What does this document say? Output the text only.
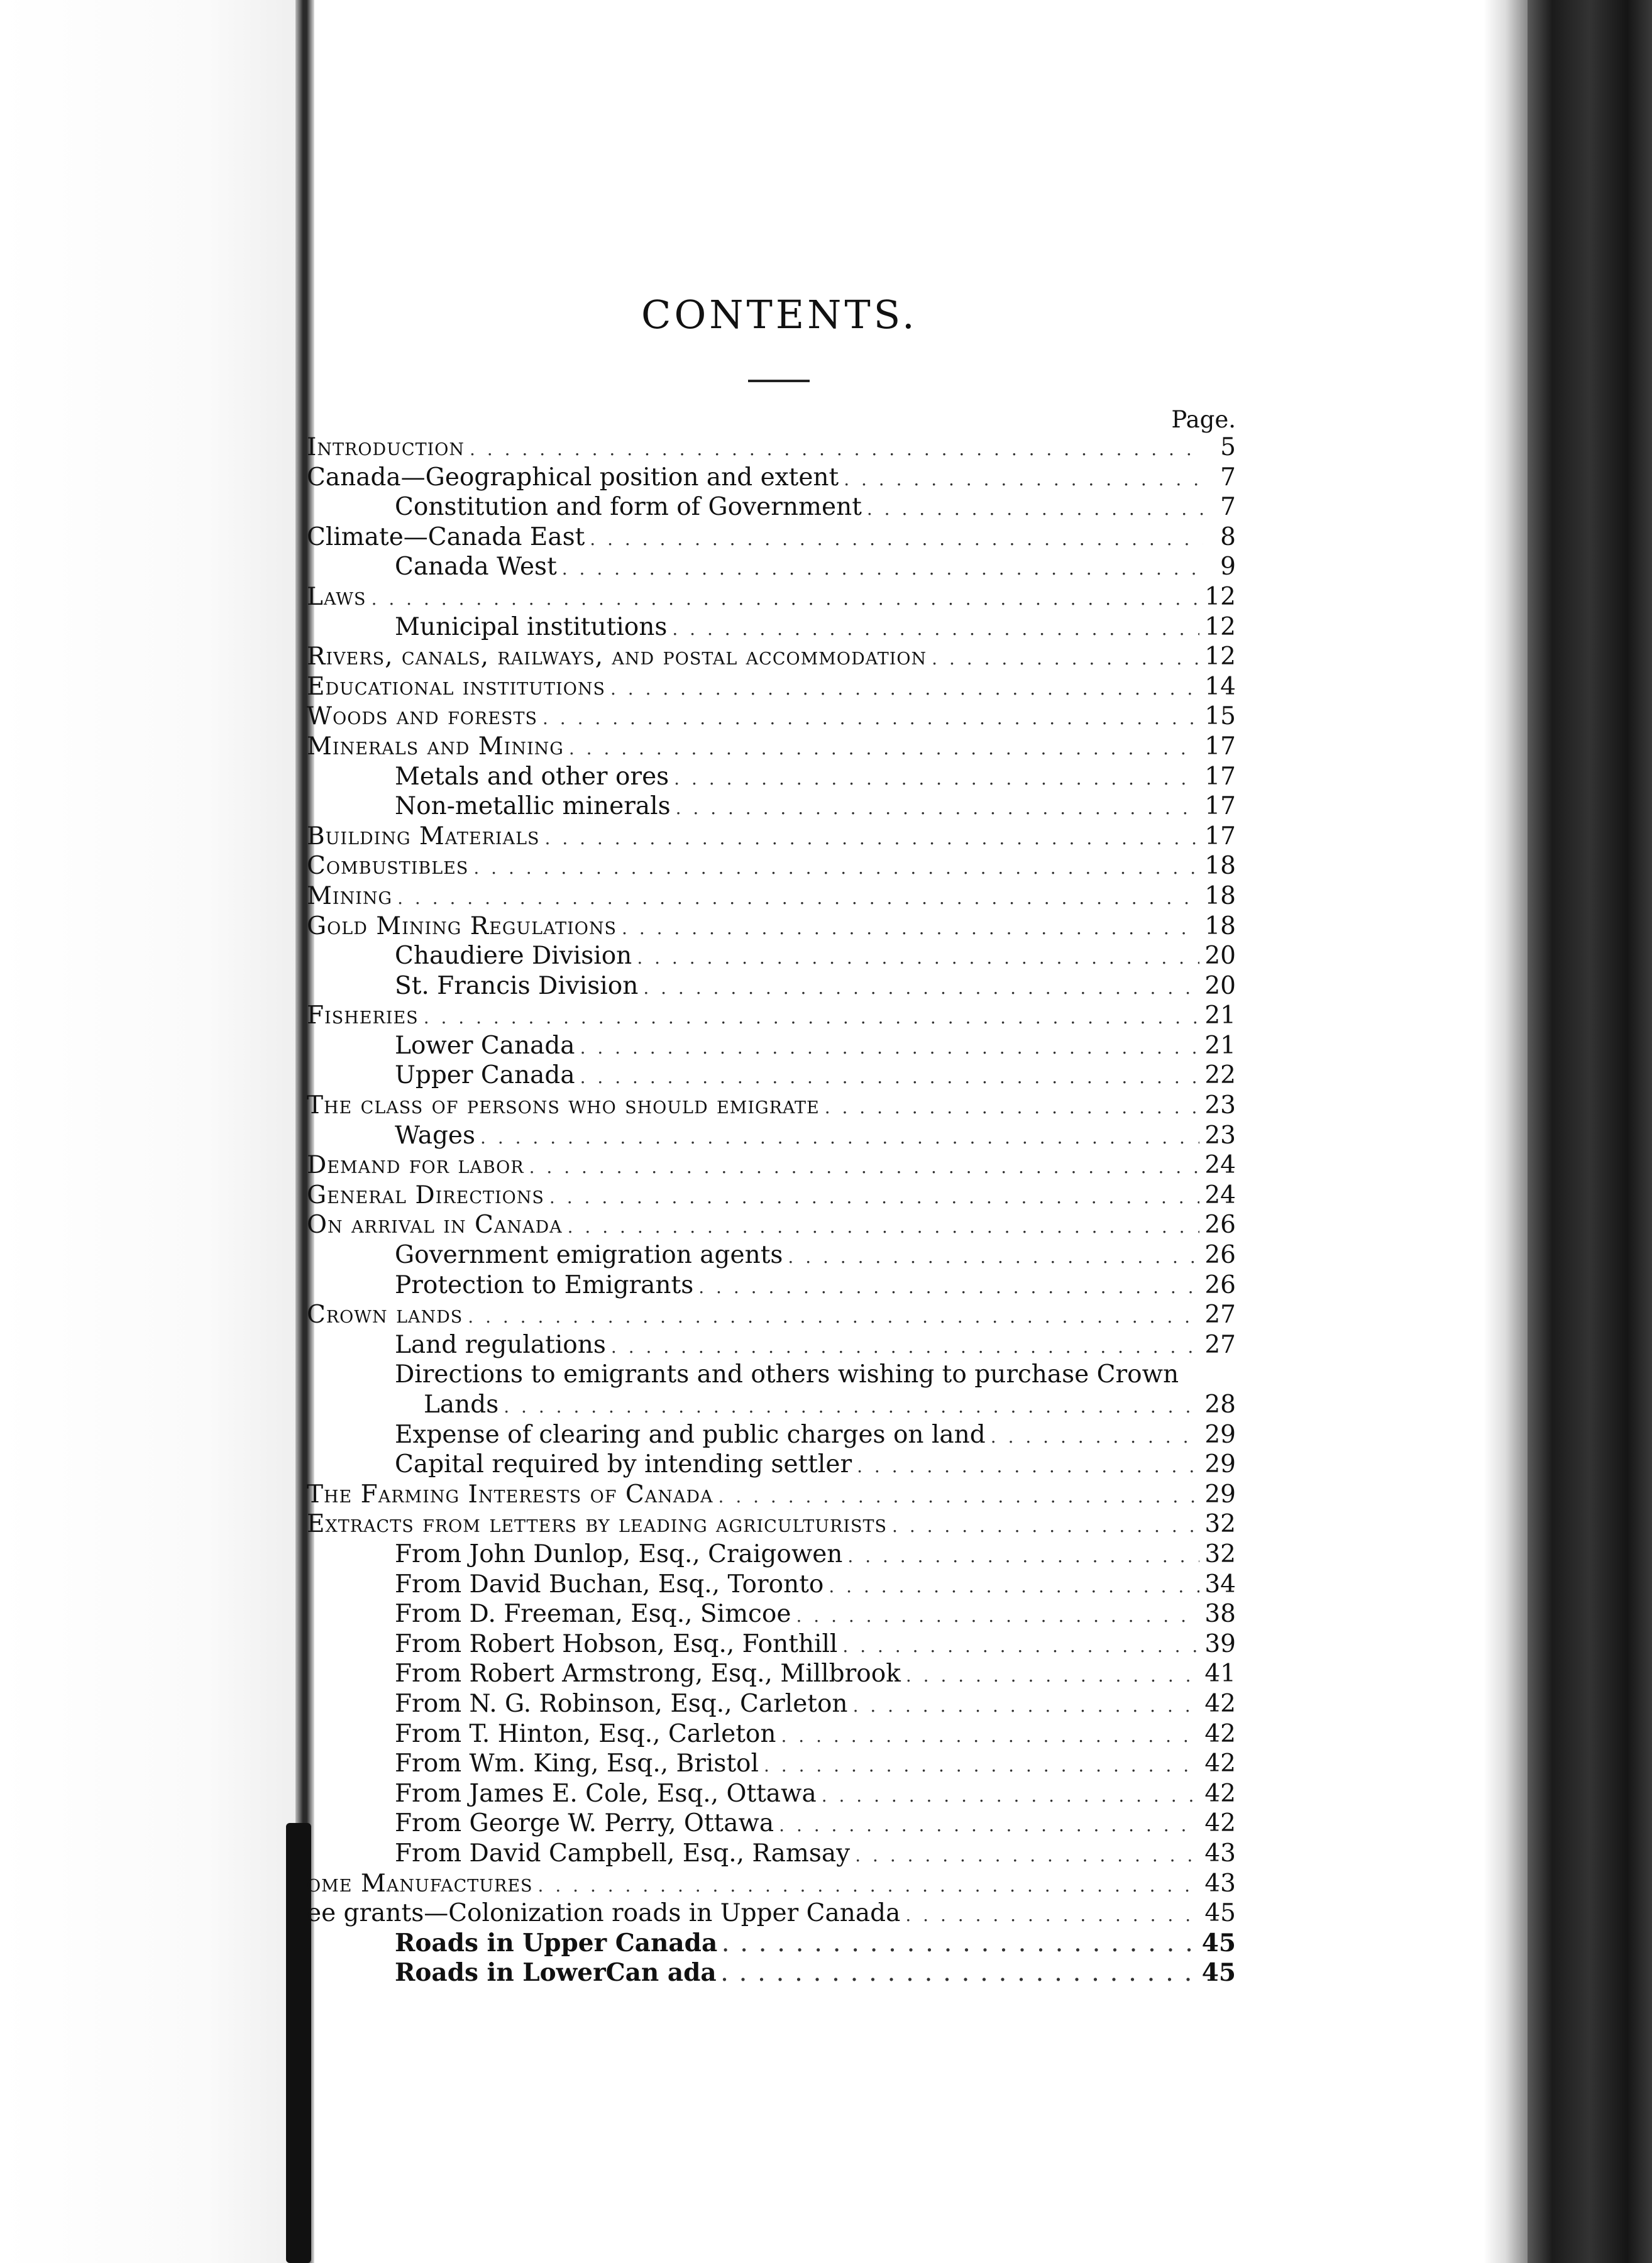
CONTENTS.
Page.
Introduction . . .	5
Canada—Geographical position and extent . . .	7
Constitution and form of Government . . .	7
Climate—Canada East . . .	8
Canada West . . .	9
Laws . . .	12
Municipal institutions . . .	12
Rivers, canals, railways, and postal accommodation . . .	12
Educational institutions . . .	14
Woods and forests . . .	15
Minerals and Mining . . .	17
Metals and other ores . . .	17
Non-metallic minerals . . .	17
Building Materials . . .	17
Combustibles . . .	18
Mining . . .	18
Gold Mining Regulations . . .	18
Chaudiere Division . . .	20
St. Francis Division . . .	20
Fisheries . . .	21
Lower Canada . . .	21
Upper Canada . . .	22
The class of persons who should emigrate . . .	23
Wages . . .	23
Demand for labor . . .	24
General Directions . . .	24
On arrival in Canada . . .	26
Government emigration agents . . .	26
Protection to Emigrants . . .	26
Crown lands . . .	27
Land regulations . . .	27
Directions to emigrants and others wishing to purchase Crown
Lands . . .	28
Expense of clearing and public charges on land . . .	29
Capital required by intending settler . . .	29
The Farming Interests of Canada . . .	29
Extracts from letters by leading agriculturists . . .	32
From John Dunlop, Esq., Craigowen . . .	32
From David Buchan, Esq., Toronto . . .	34
From D. Freeman, Esq., Simcoe . . .	38
From Robert Hobson, Esq., Fonthill . . .	39
From Robert Armstrong, Esq., Millbrook . . .	41
From N. G. Robinson, Esq., Carleton . . .	42
From T. Hinton, Esq., Carleton . . .	42
From Wm. King, Esq., Bristol . . .	42
From James E. Cole, Esq., Ottawa . . .	42
From George W. Perry, Ottawa . . .	42
From David Campbell, Esq., Ramsay . . .	43
ome Manufactures . . .	43
ee grants—Colonization roads in Upper Canada . . .	45
Roads in Upper Canada . . .	45
Roads in LowerCan ada . . .	45
